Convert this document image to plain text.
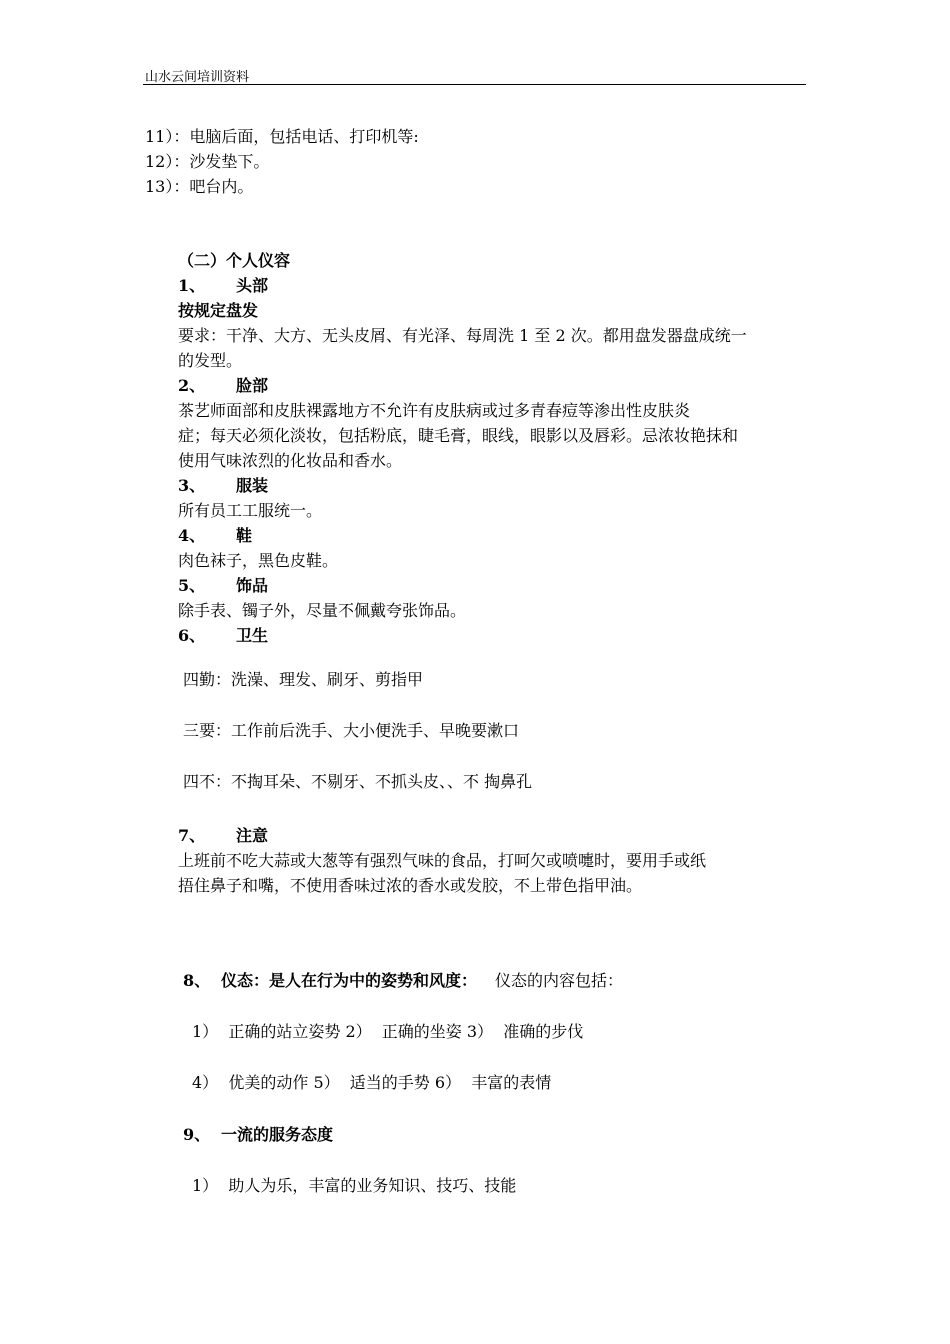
山水云间培训资料
11）：电脑后面，包括电话、打印机等:
12）：沙发垫下。
13）：吧台内。
（二）个人仪容
1、 头部
按规定盘发
要求：干净、大方、无头皮屑、有光泽、每周洗 1 至 2 次。都用盘发器盘成统一
的发型。
2、 脸部
茶艺师面部和皮肤裸露地方不允许有皮肤病或过多青春痘等渗出性皮肤炎
症；每天必须化淡妆，包括粉底，睫毛膏，眼线，眼影以及唇彩。忌浓妆艳抹和
使用气味浓烈的化妆品和香水。
3、 服装
所有员工工服统一。
4、 鞋
肉色袜子，黑色皮鞋。
5、 饰品
除手表、镯子外，尽量不佩戴夸张饰品。
6、 卫生
四勤：洗澡、理发、刷牙、剪指甲
三要：工作前后洗手、大小便洗手、早晚要漱口
四不：不掏耳朵、不剔牙、不抓头皮、、不 掏鼻孔
7、 注意
上班前不吃大蒜或大葱等有强烈气味的食品，打呵欠或喷嚏时，要用手或纸
捂住鼻子和嘴，不使用香味过浓的香水或发胶，不上带色指甲油。
8、 仪态：是人在行为中的姿势和风度： 仪态的内容包括：
1）  正确的站立姿势 2）  正确的坐姿 3）  准确的步伐
4）  优美的动作 5）  适当的手势 6）  丰富的表情
9、 一流的服务态度
1）  助人为乐，丰富的业务知识、技巧、技能
